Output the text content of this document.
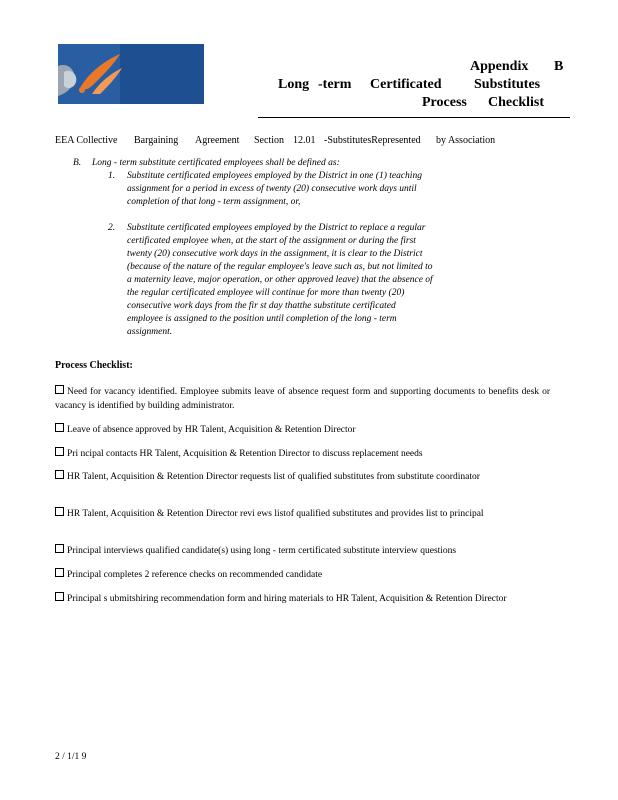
Appendix B
Long -term Certificated Substitutes
Process Checklist
EEA Collective Bargaining Agreement Section 12.01 -SubstitutesRepresented by Association
B. Long - term substitute certificated employees shall be defined as:
1. Substitute certificated employees employed by the District in one (1) teaching
assignment for a period in excess of twenty (20) consecutive work days until
completion of that long - term assignment, or,
2. Substitute certificated employees employed by the District to replace a regular
certificated employee when, at the start of the assignment or during the first
twenty (20) consecutive work days in the assignment, it is clear to the District
(because of the nature of the regular employee's leave such as, but not limited to
a maternity leave, major operation, or other approved leave) that the absence of
the regular certificated employee will continue for more than twenty (20)
consecutive work days from the fir st day thatthe substitute certificated
employee is assigned to the position until completion of the long - term
assignment.
Process Checklist:
Need for vacancy identified. Employee submits leave of absence request form and supporting documents to benefits desk or vacancy is identified by building administrator.
Leave of absence approved by HR Talent, Acquisition & Retention Director
Pri ncipal contacts HR Talent, Acquisition & Retention Director to discuss replacement needs
HR Talent, Acquisition & Retention Director requests list of qualified substitutes from substitute coordinator
HR Talent, Acquisition & Retention Director revi ews listof qualified substitutes and provides list to principal
Principal interviews qualified candidate(s) using long - term certificated substitute interview questions
Principal completes 2 reference checks on recommended candidate
Principal s ubmitshiring recommendation form and hiring materials to HR Talent, Acquisition & Retention Director
2 / 1/1 9
